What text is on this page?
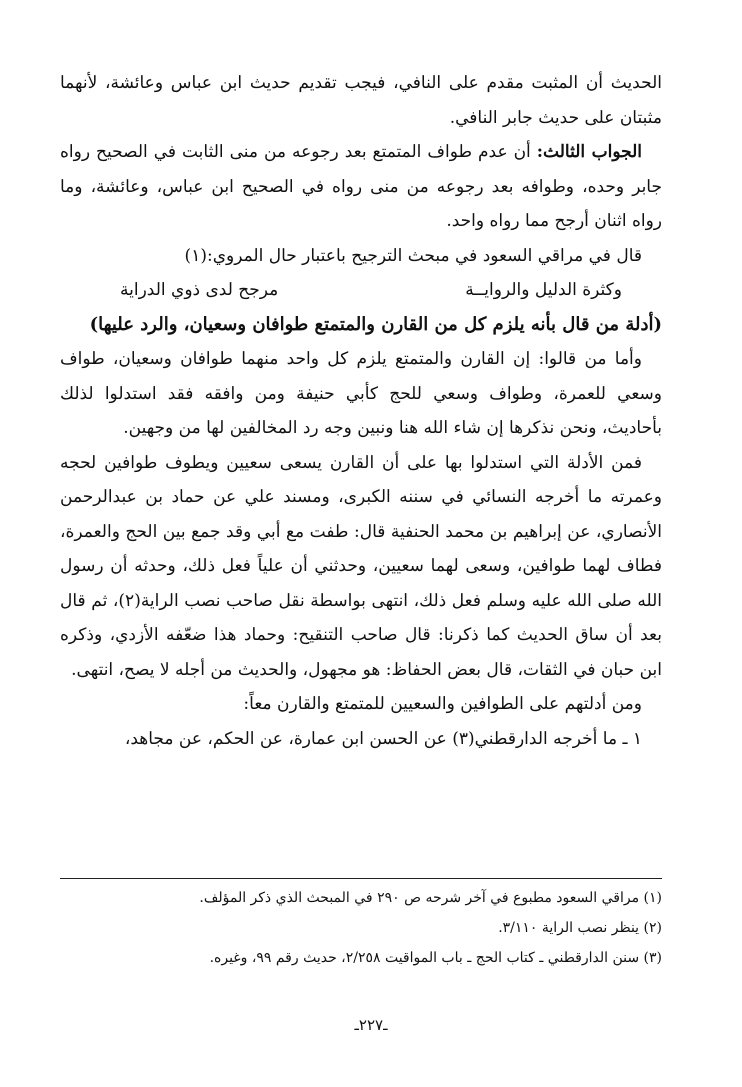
الحديث أن المثبت مقدم على النافي، فيجب تقديم حديث ابن عباس وعائشة، لأنهما مثبتان على حديث جابر النافي.

الجواب الثالث: أن عدم طواف المتمتع بعد رجوعه من منى الثابت في الصحيح رواه جابر وحده، وطوافه بعد رجوعه من منى رواه في الصحيح ابن عباس، وعائشة، وما رواه اثنان أرجح مما رواه واحد.

قال في مراقي السعود في مبحث الترجيح باعتبار حال المروي:(١)

وكثرة الدليل والروايــة
مرجح لدى ذوي الدراية

(أدلة من قال بأنه يلزم كل من القارن والمتمتع طوافان وسعيان، والرد عليها)

وأما من قالوا: إن القارن والمتمتع يلزم كل واحد منهما طوافان وسعيان، طواف وسعي للعمرة، وطواف وسعي للحج كأبي حنيفة ومن وافقه فقد استدلوا لذلك بأحاديث، ونحن نذكرها إن شاء الله هنا ونبين وجه رد المخالفين لها من وجهين.

فمن الأدلة التي استدلوا بها على أن القارن يسعى سعيين ويطوف طوافين لحجه وعمرته ما أخرجه النسائي في سننه الكبرى، ومسند علي عن حماد بن عبدالرحمن الأنصاري، عن إبراهيم بن محمد الحنفية قال: طفت مع أبي وقد جمع بين الحج والعمرة، فطاف لهما طوافين، وسعى لهما سعيين، وحدثني أن علياً فعل ذلك، وحدثه أن رسول الله صلى الله عليه وسلم فعل ذلك، انتهى بواسطة نقل صاحب نصب الراية(٢)، ثم قال بعد أن ساق الحديث كما ذكرنا: قال صاحب التنقيح: وحماد هذا ضعّفه الأزدي، وذكره ابن حبان في الثقات، قال بعض الحفاظ: هو مجهول، والحديث من أجله لا يصح، انتهى.

ومن أدلتهم على الطوافين والسعيين للمتمتع والقارن معاً:

١ ـ ما أخرجه الدارقطني(٣) عن الحسن ابن عمارة، عن الحكم، عن مجاهد،

(١) مراقي السعود مطبوع في آخر شرحه ص ٢٩٠ في المبحث الذي ذكر المؤلف.

(٢) ينظر نصب الراية ٣/١١٠.

(٣) سنن الدارقطني ـ كتاب الحج ـ باب المواقيت ٢/٢٥٨، حديث رقم ٩٩، وغيره.

ـ٢٢٧ـ
